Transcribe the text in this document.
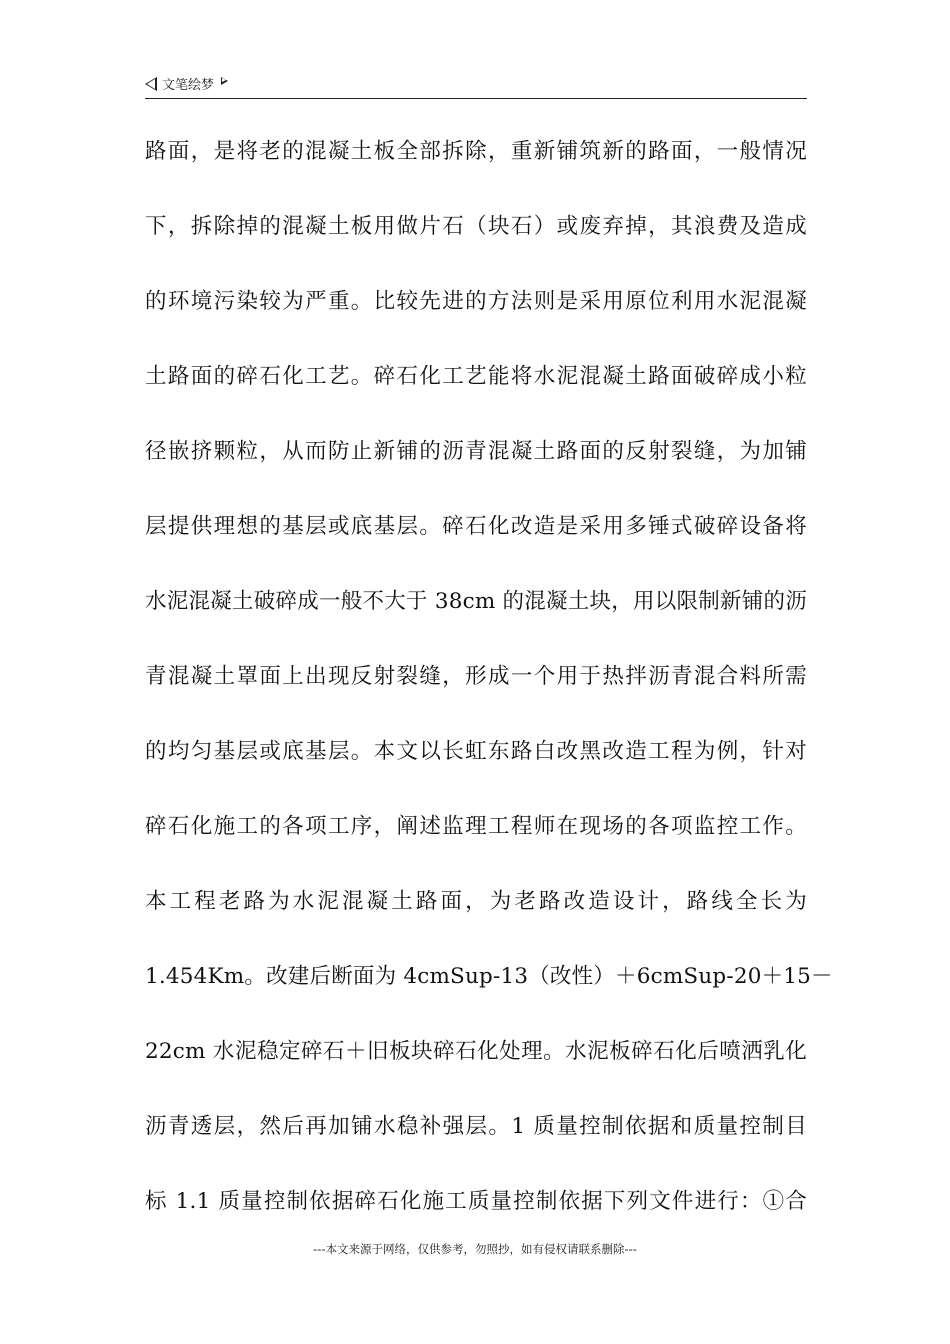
文笔绘梦
路面，是将老的混凝土板全部拆除，重新铺筑新的路面，一般情况
下，拆除掉的混凝土板用做片石（块石）或废弃掉，其浪费及造成
的环境污染较为严重。比较先进的方法则是采用原位利用水泥混凝
土路面的碎石化工艺。碎石化工艺能将水泥混凝土路面破碎成小粒
径嵌挤颗粒，从而防止新铺的沥青混凝土路面的反射裂缝，为加铺
层提供理想的基层或底基层。碎石化改造是采用多锤式破碎设备将
水泥混凝土破碎成一般不大于 38cm 的混凝土块，用以限制新铺的沥
青混凝土罩面上出现反射裂缝，形成一个用于热拌沥青混合料所需
的均匀基层或底基层。本文以长虹东路白改黑改造工程为例，针对
碎石化施工的各项工序，阐述监理工程师在现场的各项监控工作。
本工程老路为水泥混凝土路面，为老路改造设计，路线全长为
1.454Km。改建后断面为 4cmSup-13（改性）＋6cmSup-20＋15－
22cm 水泥稳定碎石＋旧板块碎石化处理。水泥板碎石化后喷洒乳化
沥青透层，然后再加铺水稳补强层。1 质量控制依据和质量控制目
标 1.1 质量控制依据碎石化施工质量控制依据下列文件进行：①合
---本文来源于网络，仅供参考，勿照抄，如有侵权请联系删除---
